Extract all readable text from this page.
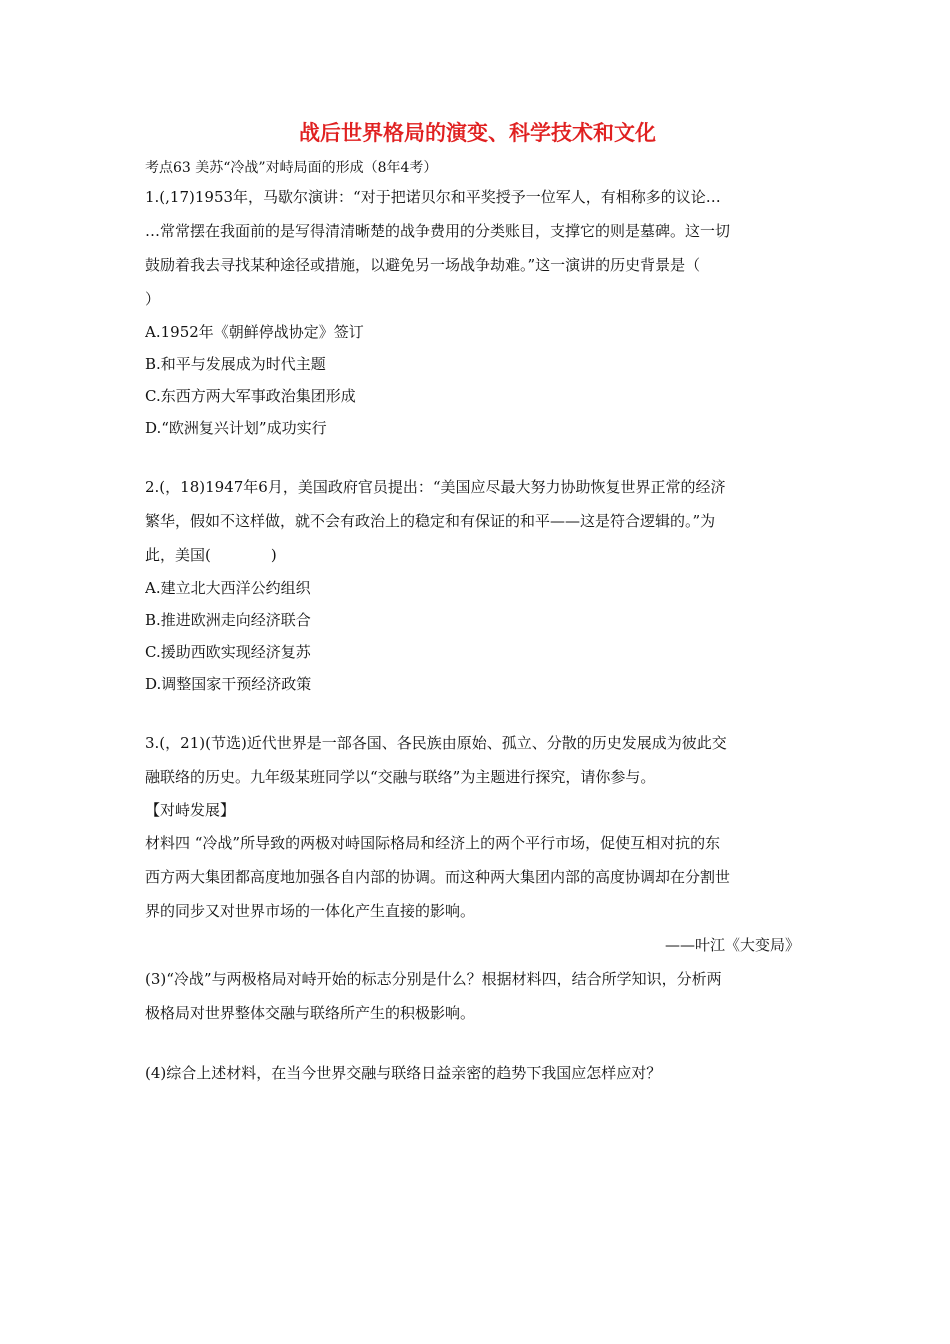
战后世界格局的演变、科学技术和文化

考点63 美苏“冷战”对峙局面的形成（8年4考）

1.(,17)1953年，马歇尔演讲：“对于把诺贝尔和平奖授予一位军人，有相称多的议论…

…常常摆在我面前的是写得清清晰楚的战争费用的分类账目，支撑它的则是墓碑。这一切

鼓励着我去寻找某种途径或措施，以避免另一场战争劫难。”这一演讲的历史背景是（

）

A.1952年《朝鲜停战协定》签订

B.和平与发展成为时代主题

C.东西方两大军事政治集团形成

D.“欧洲复兴计划”成功实行

2.(，18)1947年6月，美国政府官员提出：“美国应尽最大努力协助恢复世界正常的经济

繁华，假如不这样做，就不会有政治上的稳定和有保证的和平——这是符合逻辑的。”为

此，美国(　　　　)

A.建立北大西洋公约组织

B.推进欧洲走向经济联合

C.援助西欧实现经济复苏

D.调整国家干预经济政策

3.(，21)(节选)近代世界是一部各国、各民族由原始、孤立、分散的历史发展成为彼此交

融联络的历史。九年级某班同学以“交融与联络”为主题进行探究，请你参与。

【对峙发展】

材料四 “冷战”所导致的两极对峙国际格局和经济上的两个平行市场，促使互相对抗的东

西方两大集团都高度地加强各自内部的协调。而这种两大集团内部的高度协调却在分割世

界的同步又对世界市场的一体化产生直接的影响。

——叶江《大变局》

(3)“冷战”与两极格局对峙开始的标志分别是什么？根据材料四，结合所学知识，分析两

极格局对世界整体交融与联络所产生的积极影响。

(4)综合上述材料，在当今世界交融与联络日益亲密的趋势下我国应怎样应对？
